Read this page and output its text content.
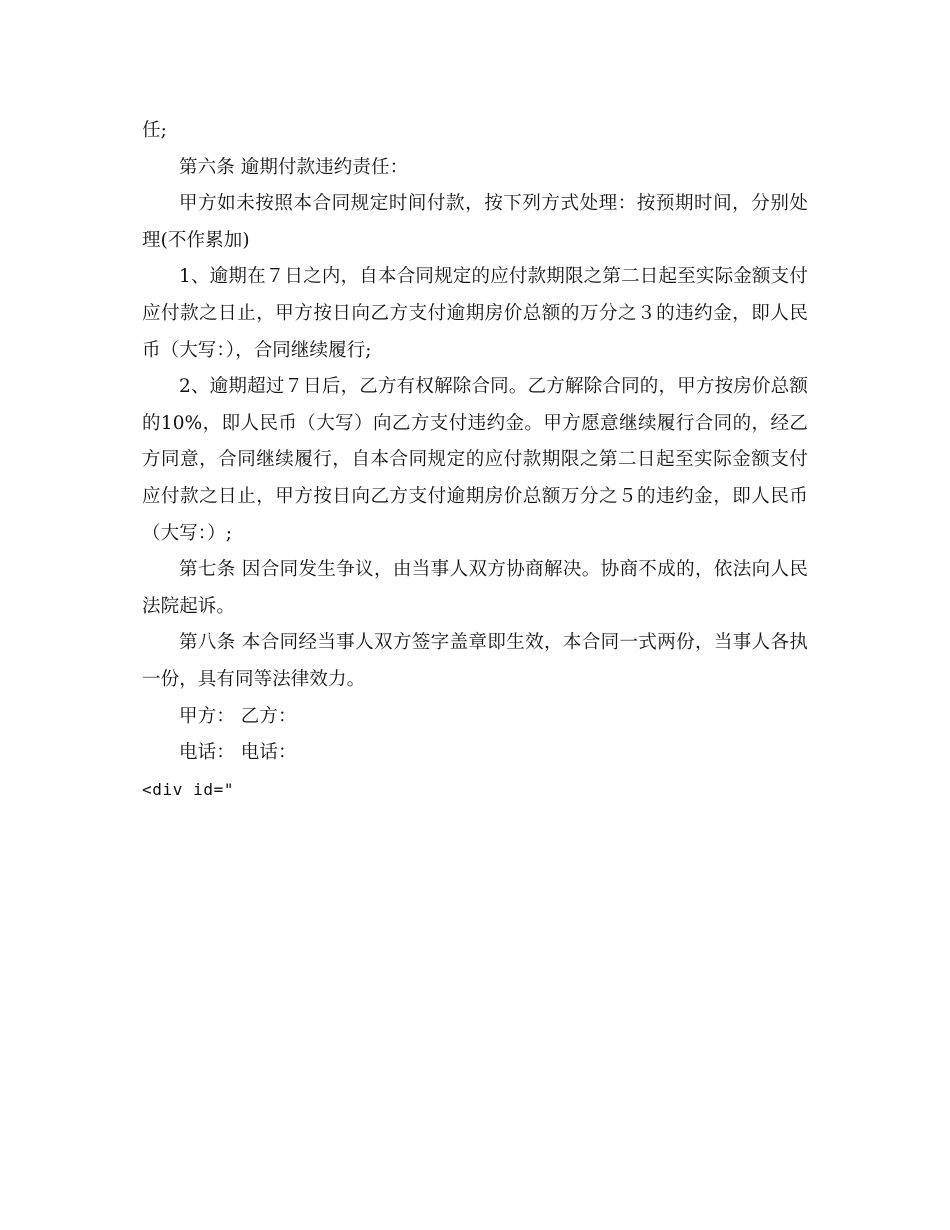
任;

第六条 逾期付款违约责任：

甲方如未按照本合同规定时间付款，按下列方式处理：按预期时间，分别处理(不作累加)

1、逾期在７日之内，自本合同规定的应付款期限之第二日起至实际金额支付应付款之日止，甲方按日向乙方支付逾期房价总额的万分之３的违约金，即人民币（大写：），合同继续履行;

2、逾期超过７日后，乙方有权解除合同。乙方解除合同的，甲方按房价总额的10%，即人民币（大写）向乙方支付违约金。甲方愿意继续履行合同的，经乙方同意，合同继续履行，自本合同规定的应付款期限之第二日起至实际金额支付应付款之日止，甲方按日向乙方支付逾期房价总额万分之５的违约金，即人民币（大写：）;

第七条 因合同发生争议，由当事人双方协商解决。协商不成的，依法向人民法院起诉。

第八条 本合同经当事人双方签字盖章即生效，本合同一式两份，当事人各执一份，具有同等法律效力。

甲方： 乙方：

电话： 电话：

<div id="
